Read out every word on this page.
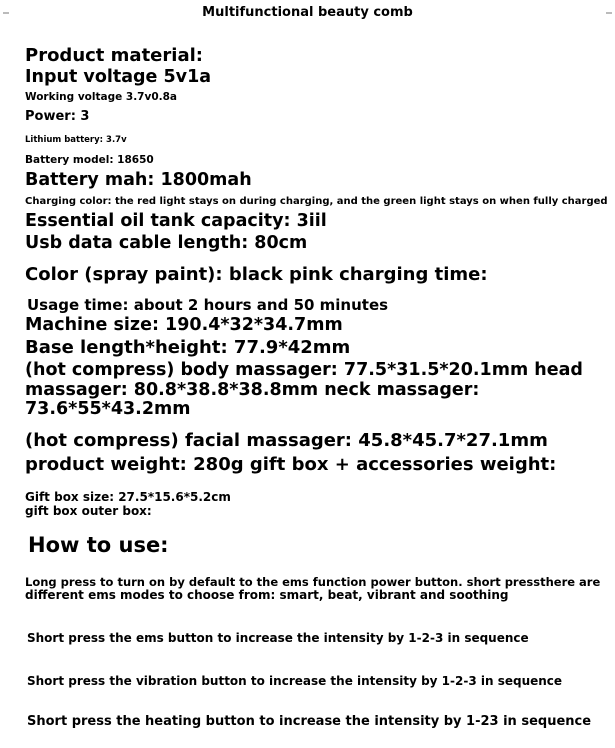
Multifunctional beauty comb
Product material:
Input voltage 5v1a
Working voltage 3.7v0.8a
Power: 3
Lithium battery: 3.7v
Battery model: 18650
Battery mah: 1800mah
Charging color: the red light stays on during charging, and the green light stays on when fully charged
Essential oil tank capacity: 3iil
Usb data cable length: 80cm
Color (spray paint): black pink charging time:
Usage time: about 2 hours and 50 minutes
Machine size: 190.4*32*34.7mm
Base length*height: 77.9*42mm
(hot compress) body massager: 77.5*31.5*20.1mm head
massager: 80.8*38.8*38.8mm neck massager:
73.6*55*43.2mm
(hot compress) facial massager: 45.8*45.7*27.1mm
product weight: 280g gift box + accessories weight:
Gift box size: 27.5*15.6*5.2cm
gift box outer box:
How to use:
Long press to turn on by default to the ems function power button. short pressthere are
different ems modes to choose from: smart, beat, vibrant and soothing
Short press the ems button to increase the intensity by 1-2-3 in sequence
Short press the vibration button to increase the intensity by 1-2-3 in sequence
Short press the heating button to increase the intensity by 1-23 in sequence
